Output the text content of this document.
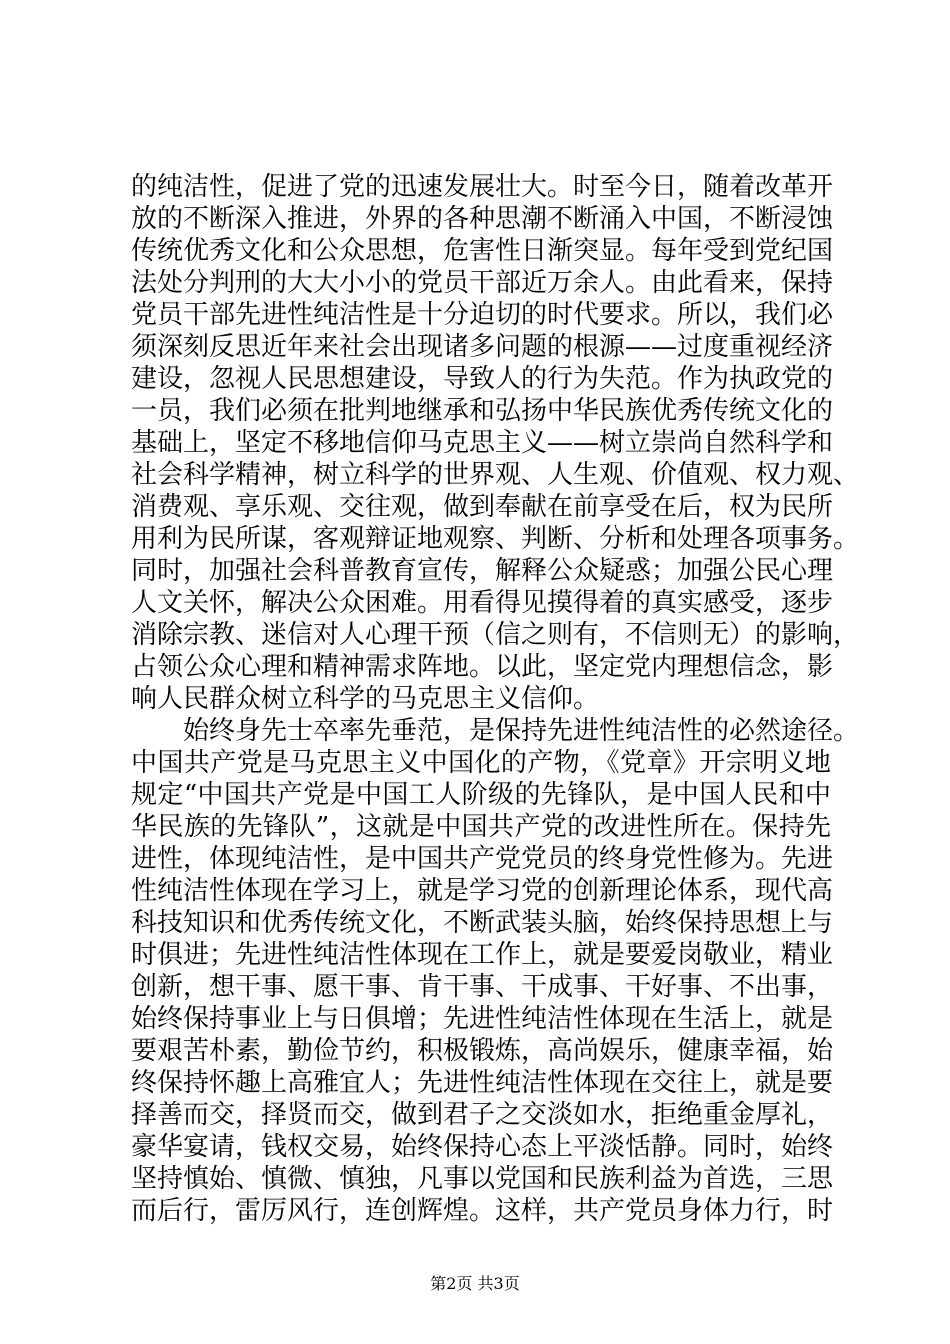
的纯洁性，促进了党的迅速发展壮大。时至今日，随着改革开
放的不断深入推进，外界的各种思潮不断涌入中国，不断浸蚀
传统优秀文化和公众思想，危害性日渐突显。每年受到党纪国
法处分判刑的大大小小的党员干部近万余人。由此看来，保持
党员干部先进性纯洁性是十分迫切的时代要求。所以，我们必
须深刻反思近年来社会出现诸多问题的根源——过度重视经济
建设，忽视人民思想建设，导致人的行为失范。作为执政党的
一员，我们必须在批判地继承和弘扬中华民族优秀传统文化的
基础上，坚定不移地信仰马克思主义——树立崇尚自然科学和
社会科学精神，树立科学的世界观、人生观、价值观、权力观、
消费观、享乐观、交往观，做到奉献在前享受在后，权为民所
用利为民所谋，客观辩证地观察、判断、分析和处理各项事务。
同时，加强社会科普教育宣传，解释公众疑惑；加强公民心理
人文关怀，解决公众困难。用看得见摸得着的真实感受，逐步
消除宗教、迷信对人心理干预（信之则有，不信则无）的影响，
占领公众心理和精神需求阵地。以此，坚定党内理想信念，影
响人民群众树立科学的马克思主义信仰。
始终身先士卒率先垂范，是保持先进性纯洁性的必然途径。
中国共产党是马克思主义中国化的产物，《党章》开宗明义地
规定“中国共产党是中国工人阶级的先锋队，是中国人民和中
华民族的先锋队”，这就是中国共产党的改进性所在。保持先
进性，体现纯洁性，是中国共产党党员的终身党性修为。先进
性纯洁性体现在学习上，就是学习党的创新理论体系，现代高
科技知识和优秀传统文化，不断武装头脑，始终保持思想上与
时俱进；先进性纯洁性体现在工作上，就是要爱岗敬业，精业
创新，想干事、愿干事、肯干事、干成事、干好事、不出事，
始终保持事业上与日俱增；先进性纯洁性体现在生活上，就是
要艰苦朴素，勤俭节约，积极锻炼，高尚娱乐，健康幸福，始
终保持怀趣上高雅宜人；先进性纯洁性体现在交往上，就是要
择善而交，择贤而交，做到君子之交淡如水，拒绝重金厚礼，
豪华宴请，钱权交易，始终保持心态上平淡恬静。同时，始终
坚持慎始、慎微、慎独，凡事以党国和民族利益为首选，三思
而后行，雷厉风行，连创辉煌。这样，共产党员身体力行，时
第2页 共3页
